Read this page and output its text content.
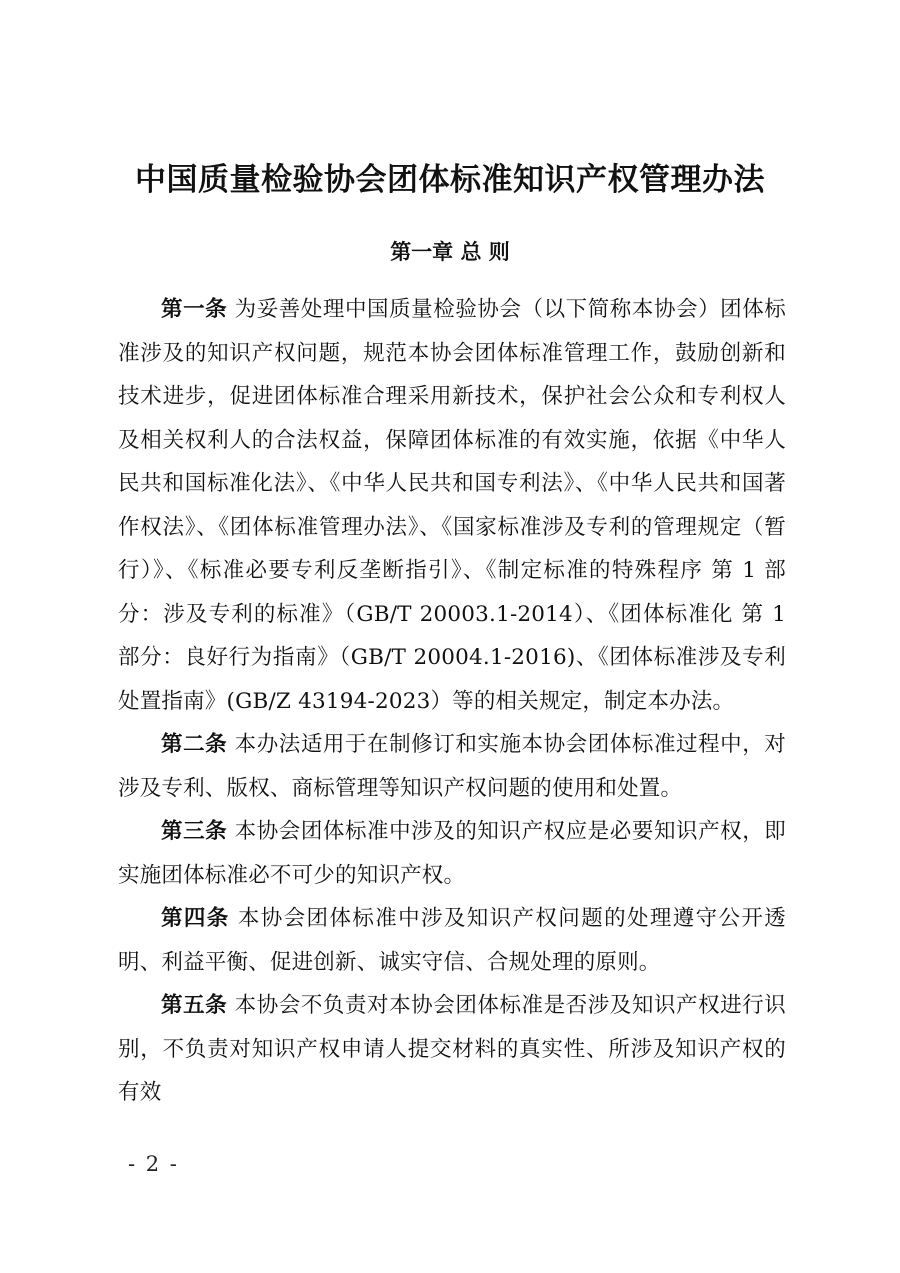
中国质量检验协会团体标准知识产权管理办法
第一章 总 则

第一条 为妥善处理中国质量检验协会（以下简称本协会）团体标准涉及的知识产权问题，规范本协会团体标准管理工作，鼓励创新和技术进步，促进团体标准合理采用新技术，保护社会公众和专利权人及相关权利人的合法权益，保障团体标准的有效实施，依据《中华人民共和国标准化法》、《中华人民共和国专利法》、《中华人民共和国著作权法》、《团体标准管理办法》、《国家标准涉及专利的管理规定（暂行）》、《标准必要专利反垄断指引》、《制定标准的特殊程序 第 1 部分：涉及专利的标准》（GB/T 20003.1-2014）、《团体标准化 第 1 部分：良好行为指南》（GB/T 20004.1-2016)、《团体标准涉及专利处置指南》(GB/Z 43194-2023）等的相关规定，制定本办法。

第二条 本办法适用于在制修订和实施本协会团体标准过程中，对涉及专利、版权、商标管理等知识产权问题的使用和处置。

第三条 本协会团体标准中涉及的知识产权应是必要知识产权，即实施团体标准必不可少的知识产权。

第四条 本协会团体标准中涉及知识产权问题的处理遵守公开透明、利益平衡、促进创新、诚实守信、合规处理的原则。

第五条 本协会不负责对本协会团体标准是否涉及知识产权进行识别，不负责对知识产权申请人提交材料的真实性、所涉及知识产权的有效

- 2 -
